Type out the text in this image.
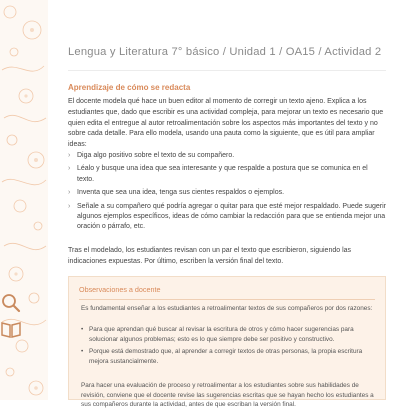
Lengua y Literatura 7° básico / Unidad 1 / OA15 / Actividad 2
Aprendizaje de cómo se redacta
El docente modela qué hace un buen editor al momento de corregir un texto ajeno. Explica a los estudiantes que, dado que escribir es una actividad compleja, para mejorar un texto es necesario que quien edita el entregue al autor retroalimentación sobre los aspectos más importantes del texto y no sobre cada detalle. Para ello modela, usando una pauta como la siguiente, que es útil para ampliar ideas:
› Diga algo positivo sobre el texto de su compañero.
› Léalo y busque una idea que sea interesante y que respalde a postura que se comunica en el texto.
› Inventa que sea una idea, tenga sus cientes respaldos o ejemplos.
› Señale a su compañero qué podría agregar o quitar para que esté mejor respaldado. Puede sugerir algunos ejemplos específicos, ideas de cómo cambiar la redacción para que se entienda mejor una oración o párrafo, etc.
Tras el modelado, los estudiantes revisan con un par el texto que escribieron, siguiendo las indicaciones expuestas. Por último, escriben la versión final del texto.
Observaciones a docente
Es fundamental enseñar a los estudiantes a retroalimentar textos de sus compañeros por dos razones:
• Para que aprendan qué buscar al revisar la escritura de otros y cómo hacer sugerencias para solucionar algunos problemas; esto es lo que siempre debe ser positivo y constructivo.
• Porque está demostrado que, al aprender a corregir textos de otras personas, la propia escritura mejora sustancialmente.
Para hacer una evaluación de proceso y retroalimentar a los estudiantes sobre sus habilidades de revisión, conviene que el docente revise las sugerencias escritas que se hayan hecho los estudiantes a sus compañeros durante la actividad, antes de que escriban la versión final.
